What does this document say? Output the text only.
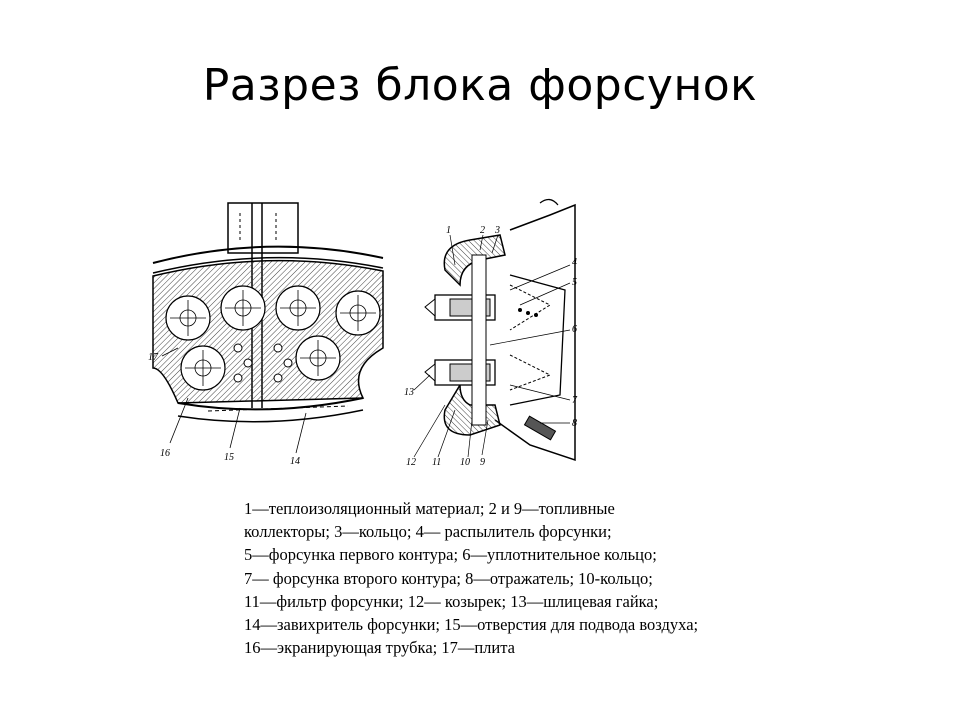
Разрез блока форсунок
17
16	15	14
1	2 3
4
5
6
7
8
9
10
11
12
13
1—теплоизоляционный материал; 2 и 9—топливные
коллекторы; 3—кольцо; 4— распылитель форсунки;
5—форсунка первого контура; 6—уплотнительное кольцо;
7— форсунка второго контура; 8—отражатель; 10-кольцо;
11—фильтр форсунки; 12— козырек; 13—шлицевая гайка;
14—завихритель форсунки; 15—отверстия для подвода воздуха;
16—экранирующая трубка; 17—плита
